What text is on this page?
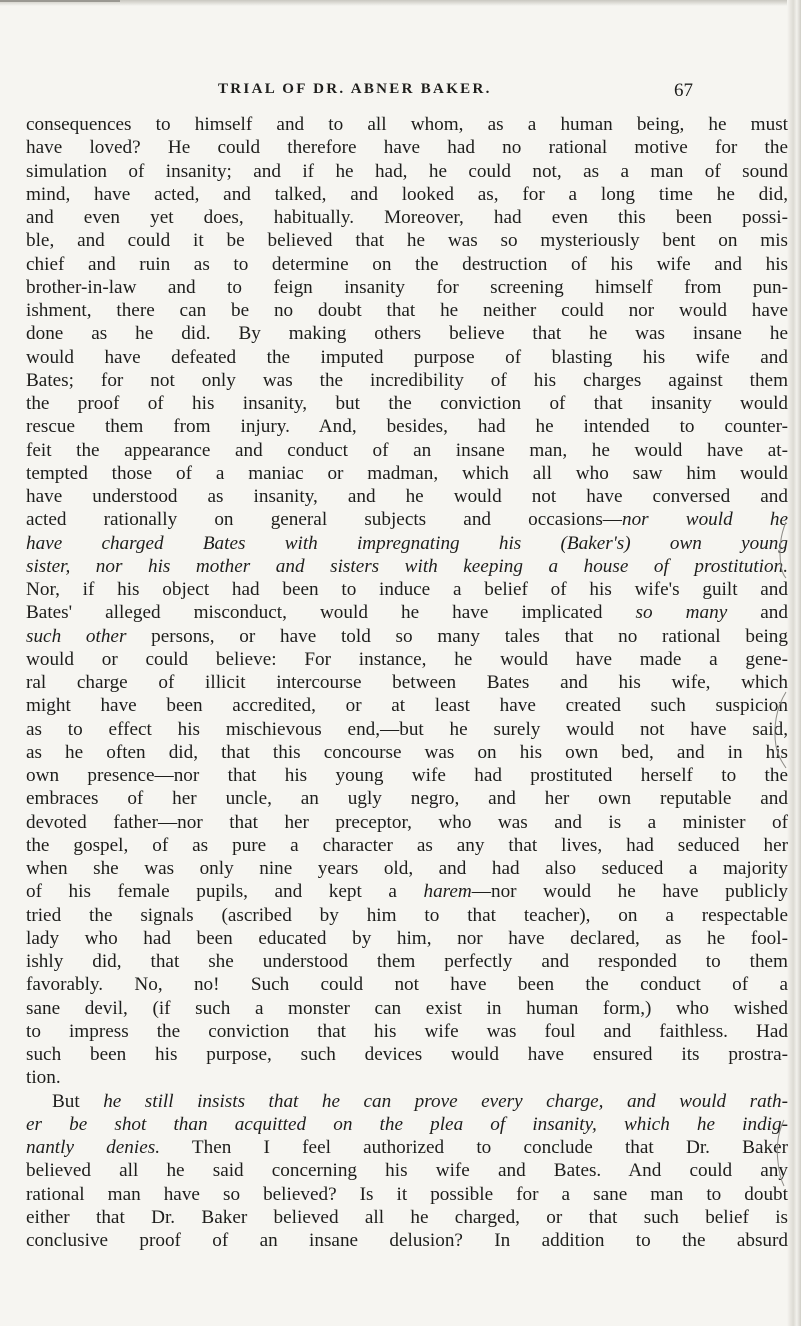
TRIAL OF DR. ABNER BAKER.	67
consequences to himself and to all whom, as a human being, he must
have loved? He could therefore have had no rational motive for the
simulation of insanity; and if he had, he could not, as a man of sound
mind, have acted, and talked, and looked as, for a long time he did,
and even yet does, habitually. Moreover, had even this been possi-
ble, and could it be believed that he was so mysteriously bent on mis
chief and ruin as to determine on the destruction of his wife and his
brother-in-law and to feign insanity for screening himself from pun-
ishment, there can be no doubt that he neither could nor would have
done as he did. By making others believe that he was insane he
would have defeated the imputed purpose of blasting his wife and
Bates; for not only was the incredibility of his charges against them
the proof of his insanity, but the conviction of that insanity would
rescue them from injury. And, besides, had he intended to counter-
feit the appearance and conduct of an insane man, he would have at-
tempted those of a maniac or madman, which all who saw him would
have understood as insanity, and he would not have conversed and
acted rationally on general subjects and occasions—nor would he
have charged Bates with impregnating his (Baker's) own young
sister, nor his mother and sisters with keeping a house of prostitution.
Nor, if his object had been to induce a belief of his wife's guilt and
Bates' alleged misconduct, would he have implicated so many and
such other persons, or have told so many tales that no rational being
would or could believe: For instance, he would have made a gene-
ral charge of illicit intercourse between Bates and his wife, which
might have been accredited, or at least have created such suspicion
as to effect his mischievous end,—but he surely would not have said,
as he often did, that this concourse was on his own bed, and in his
own presence—nor that his young wife had prostituted herself to the
embraces of her uncle, an ugly negro, and her own reputable and
devoted father—nor that her preceptor, who was and is a minister of
the gospel, of as pure a character as any that lives, had seduced her
when she was only nine years old, and had also seduced a majority
of his female pupils, and kept a harem—nor would he have publicly
tried the signals (ascribed by him to that teacher), on a respectable
lady who had been educated by him, nor have declared, as he fool-
ishly did, that she understood them perfectly and responded to them
favorably. No, no! Such could not have been the conduct of a
sane devil, (if such a monster can exist in human form,) who wished
to impress the conviction that his wife was foul and faithless. Had
such been his purpose, such devices would have ensured its prostra-
tion.
But he still insists that he can prove every charge, and would rath-
er be shot than acquitted on the plea of insanity, which he indig-
nantly denies. Then I feel authorized to conclude that Dr. Baker
believed all he said concerning his wife and Bates. And could any
rational man have so believed? Is it possible for a sane man to doubt
either that Dr. Baker believed all he charged, or that such belief is
conclusive proof of an insane delusion? In addition to the absurd
